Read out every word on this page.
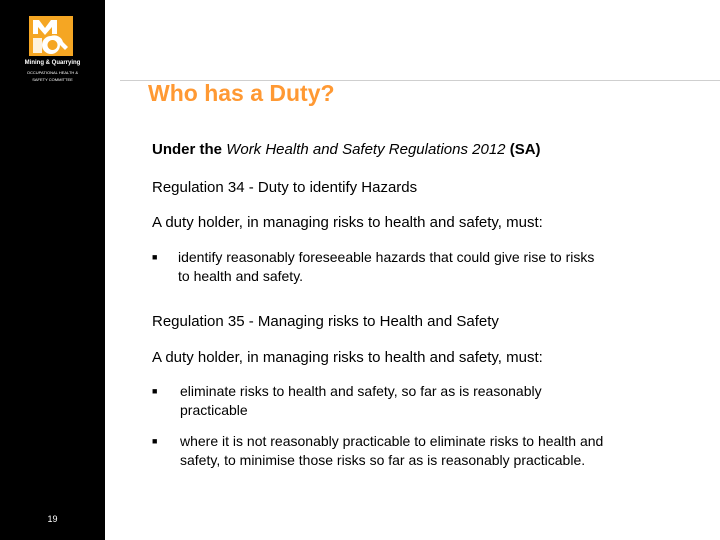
Mining & Quarrying
OCCUPATIONAL HEALTH &
SAFETY COMMITTEE
19
Who has a Duty?
Under the Work Health and Safety Regulations 2012 (SA)
Regulation 34 - Duty to identify Hazards
A duty holder, in managing risks to health and safety, must:
■ identify reasonably foreseeable hazards that could give rise to risks
to health and safety.
Regulation 35 - Managing risks to Health and Safety
A duty holder, in managing risks to health and safety, must:
■ eliminate risks to health and safety, so far as is reasonably
practicable
■ where it is not reasonably practicable to eliminate risks to health and
safety, to minimise those risks so far as is reasonably practicable.
